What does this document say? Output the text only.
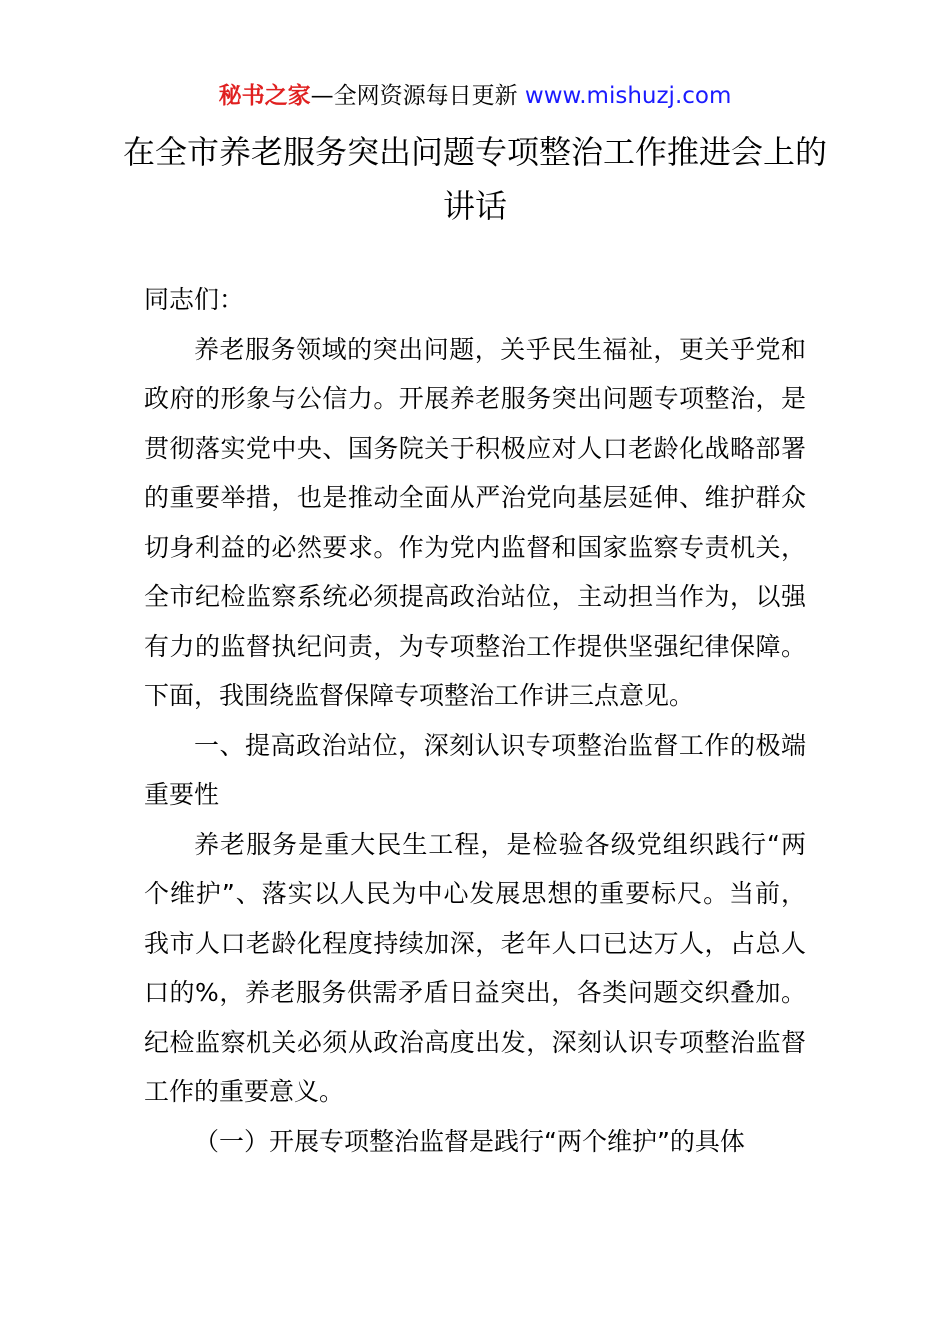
秘书之家—全网资源每日更新 www.mishuzj.com
在全市养老服务突出问题专项整治工作推进会上的讲话

同志们：

养老服务领域的突出问题，关乎民生福祉，更关乎党和政府的形象与公信力。开展养老服务突出问题专项整治，是贯彻落实党中央、国务院关于积极应对人口老龄化战略部署的重要举措，也是推动全面从严治党向基层延伸、维护群众切身利益的必然要求。作为党内监督和国家监察专责机关，全市纪检监察系统必须提高政治站位，主动担当作为，以强有力的监督执纪问责，为专项整治工作提供坚强纪律保障。下面，我围绕监督保障专项整治工作讲三点意见。

一、提高政治站位，深刻认识专项整治监督工作的极端重要性

养老服务是重大民生工程，是检验各级党组织践行“两个维护”、落实以人民为中心发展思想的重要标尺。当前，我市人口老龄化程度持续加深，老年人口已达万人，占总人口的%，养老服务供需矛盾日益突出，各类问题交织叠加。纪检监察机关必须从政治高度出发，深刻认识专项整治监督工作的重要意义。

（一）开展专项整治监督是践行“两个维护”的具体
